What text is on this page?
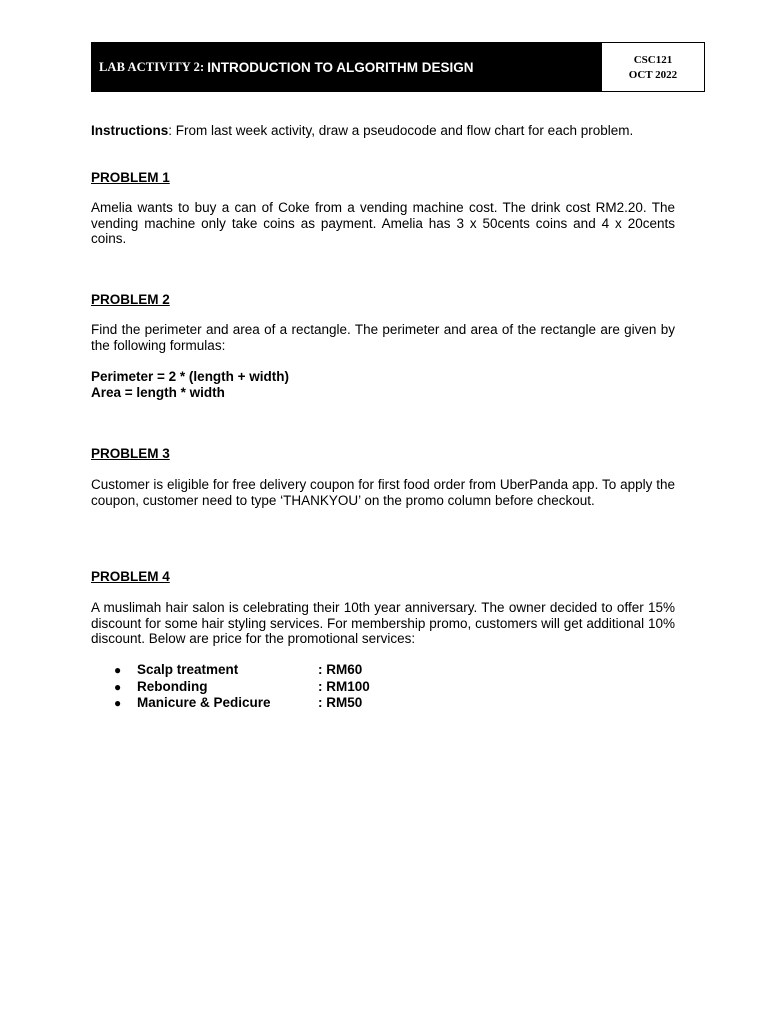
LAB ACTIVITY 2: INTRODUCTION TO ALGORITHM DESIGN	CSC121
OCT 2022
Instructions: From last week activity, draw a pseudocode and flow chart for each problem.
PROBLEM 1
Amelia wants to buy a can of Coke from a vending machine cost. The drink cost RM2.20. The vending machine only take coins as payment. Amelia has 3 x 50cents coins and 4 x 20cents coins.
PROBLEM 2
Find the perimeter and area of a rectangle. The perimeter and area of the rectangle are given by the following formulas:
Perimeter = 2 * (length + width)
Area = length * width
PROBLEM 3
Customer is eligible for free delivery coupon for first food order from UberPanda app. To apply the coupon, customer need to type ‘THANKYOU’ on the promo column before checkout.
PROBLEM 4
A muslimah hair salon is celebrating their 10th year anniversary. The owner decided to offer 15% discount for some hair styling services. For membership promo, customers will get additional 10% discount. Below are price for the promotional services:
● Scalp treatment	: RM60
● Rebonding	: RM100
● Manicure & Pedicure	: RM50
